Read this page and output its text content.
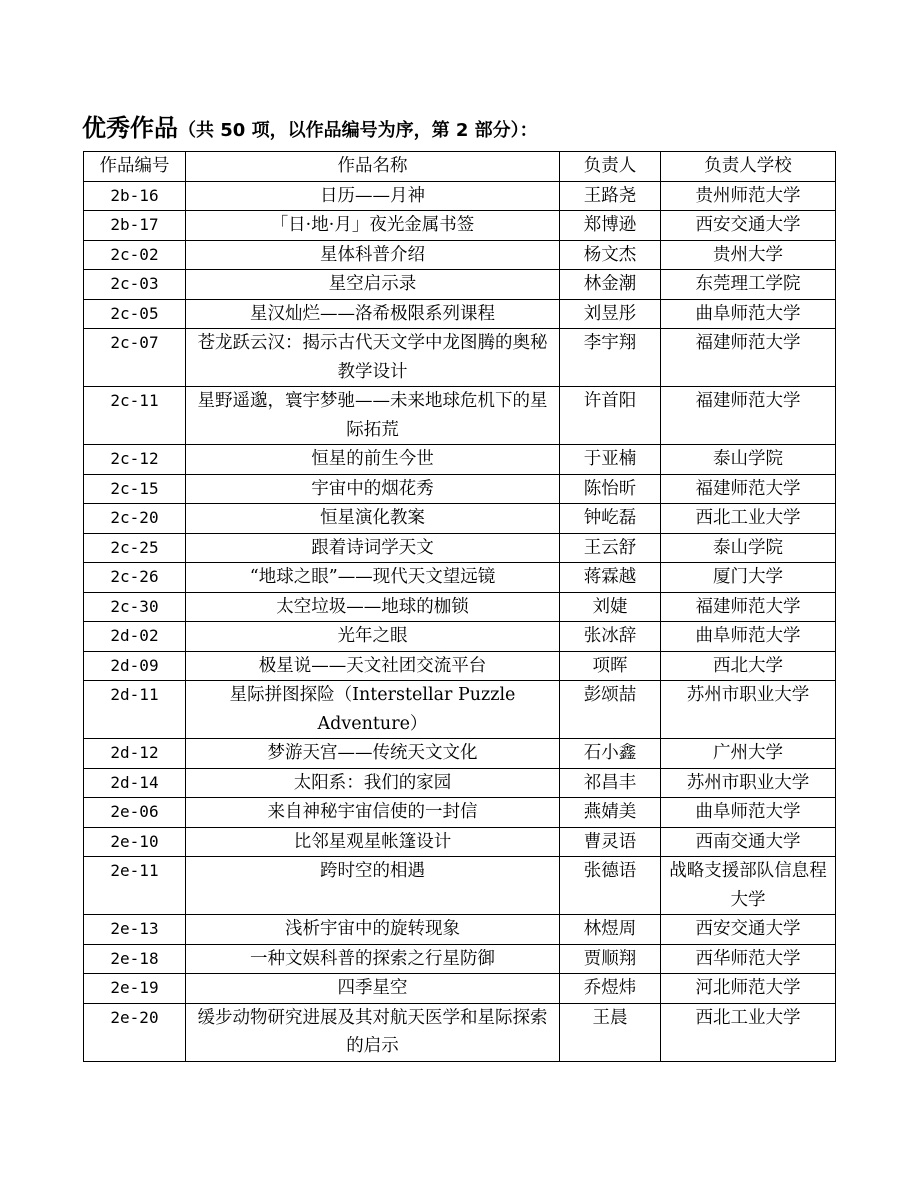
优秀作品（共 50 项，以作品编号为序，第 2 部分）：
作品编号	作品名称	负责人	负责人学校
2b-16	日历——月神	王路尧	贵州师范大学
2b-17	「日·地·月」夜光金属书签	郑博逊	西安交通大学
2c-02	星体科普介绍	杨文杰	贵州大学
2c-03	星空启示录	林金潮	东莞理工学院
2c-05	星汉灿烂——洛希极限系列课程	刘昱彤	曲阜师范大学
2c-07	苍龙跃云汉：揭示古代天文学中龙图腾的奥秘教学设计	李宇翔	福建师范大学
2c-11	星野遥邈，寰宇梦驰——未来地球危机下的星际拓荒	许首阳	福建师范大学
2c-12	恒星的前生今世	于亚楠	泰山学院
2c-15	宇宙中的烟花秀	陈怡昕	福建师范大学
2c-20	恒星演化教案	钟屹磊	西北工业大学
2c-25	跟着诗词学天文	王云舒	泰山学院
2c-26	“地球之眼”——现代天文望远镜	蒋霖越	厦门大学
2c-30	太空垃圾——地球的枷锁	刘婕	福建师范大学
2d-02	光年之眼	张冰辞	曲阜师范大学
2d-09	极星说——天文社团交流平台	项晖	西北大学
2d-11	星际拼图探险（Interstellar Puzzle Adventure）	彭颂喆	苏州市职业大学
2d-12	梦游天宫——传统天文文化	石小鑫	广州大学
2d-14	太阳系：我们的家园	祁昌丰	苏州市职业大学
2e-06	来自神秘宇宙信使的一封信	燕婧美	曲阜师范大学
2e-10	比邻星观星帐篷设计	曹灵语	西南交通大学
2e-11	跨时空的相遇	张德语	战略支援部队信息程大学
2e-13	浅析宇宙中的旋转现象	林煜周	西安交通大学
2e-18	一种文娱科普的探索之行星防御	贾顺翔	西华师范大学
2e-19	四季星空	乔煜炜	河北师范大学
2e-20	缓步动物研究进展及其对航天医学和星际探索的启示	王晨	西北工业大学
